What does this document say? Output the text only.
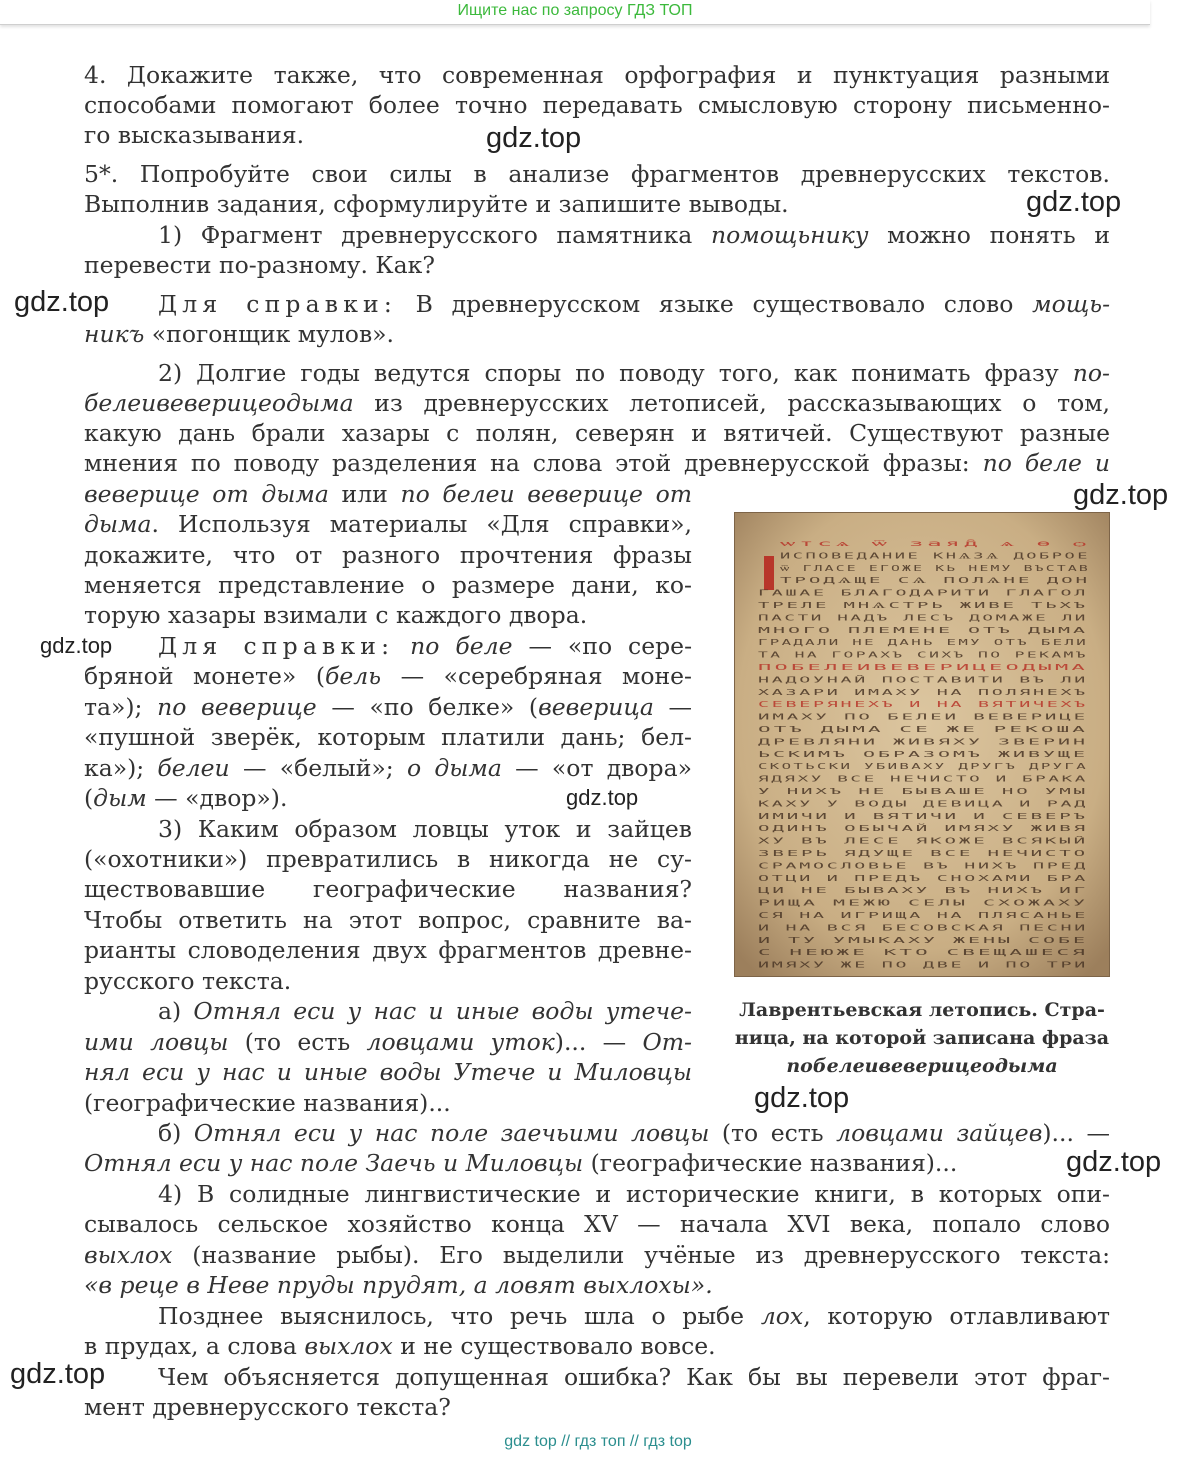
Ищите нас по запросу ГДЗ ТОП
4. Докажите также, что современная орфография и пунктуация разными
способами помогают более точно передавать смысловую сторону письменно-
го высказывания.
5*. Попробуйте свои силы в анализе фрагментов древнерусских текстов.
Выполнив задания, сформулируйте и запишите выводы.
1) Фрагмент древнерусского памятника помощьнику можно понять и
перевести по-разному. Как?
Для справки: В древнерусском языке существовало слово мощь-
никъ «погонщик мулов».
2) Долгие годы ведутся споры по поводу того, как понимать фразу по-
белеивеверицеодыма из древнерусских летописей, рассказывающих о том,
какую дань брали хазары с полян, северян и вятичей. Существуют разные
мнения по поводу разделения на слова этой древнерусской фразы: по беле и
веверице от дыма или по белеи веверице от
дыма. Используя материалы «Для справки»,
докажите, что от разного прочтения фразы
меняется представление о размере дани, ко-
торую хазары взимали с каждого двора.
Для справки: по беле — «по сере-
бряной монете» (бель — «серебряная моне-
та»); по веверице — «по белке» (веверица —
«пушной зверёк, которым платили дань; бел-
ка»); белеи — «белый»; о дыма — «от двора»
(дым — «двор»).
3) Каким образом ловцы уток и зайцев
(«охотники») превратились в никогда не су-
ществовавшие географические названия?
Чтобы ответить на этот вопрос, сравните ва-
рианты словоделения двух фрагментов древне-
русского текста.
а) Отнял еси у нас и иные воды утече-
ими ловцы (то есть ловцами уток)... — От-
нял еси у нас и иные воды Утече и Миловцы
(географические названия)...
б) Отнял еси у нас поле заечьими ловцы (то есть ловцами зайцев)... —
Отнял еси у нас поле Заечь и Миловцы (географические названия)...
4) В солидные лингвистические и исторические книги, в которых опи-
сывалось сельское хозяйство конца XV — начала XVI века, попало слово
выхлох (название рыбы). Его выделили учёные из древнерусского текста:
«в реце в Неве пруды прудят, а ловят выхлохы».
Позднее выяснилось, что речь шла о рыбе лох, которую отлавливают
в прудах, а слова выхлох и не существовало вовсе.
Чем объясняется допущенная ошибка? Как бы вы перевели этот фраг-
мент древнерусского текста?
ѡтсѧ ѿ заяд̑ ѧ ѳ ѻ
ИСПОВЕДАНИЕ КНѦЗѦ ДОБРОЕ
ѿ ГЛАСЕ ЕГОЖЕ КЬ НЕМУ ВЪСТАВ
ТРОДѦЩЕ СѦ ПОЛѦНЕ ДОН
ГАШАЕ БЛАГОДАРИТИ ГЛАГОЛ
ТРЕЛЕ МНѦСТРЬ ЖИВЕ ТЬХЪ
ПАСТИ НАДЪ ЛЕСЪ ДОМАЖЕ ЛИ
МНОГО ПЛЕМЕНЕ ОТЪ ДЫМА
ГРАДАЛИ НЕ ДАНЬ ЕМУ ОТЪ БЕЛИ
ТА НА ГОРАХЪ СИХЪ ПО РЕКАМЪ
ПОБЕЛЕИВЕВЕРИЦЕОДЫМА
НАДОУНАЙ ПОСТАВИТИ ВЪ ЛИ
ХАЗАРИ ИМАХУ НА ПОЛЯНЕХЪ
СЕВЕРЯНЕХЪ И НА ВЯТИЧЕХЪ
ИМАХУ ПО БЕЛЕИ ВЕВЕРИЦЕ
ОТЪ ДЫМА СЕ ЖЕ РЕКОША
ДРЕВЛЯНИ ЖИВЯХУ ЗВЕРИН
ЬСКИМЪ ОБРАЗОМЪ ЖИВУЩЕ
СКОТЬСКИ УБИВАХУ ДРУГЪ ДРУГА
ЯДЯХУ ВСЕ НЕЧИСТО И БРАКА
У НИХЪ НЕ БЫВАШЕ НО УМЫ
КАХУ У ВОДЫ ДЕВИЦА И РАД
ИМИЧИ И ВЯТИЧИ И СЕВЕРЪ
ОДИНЪ ОБЫЧАЙ ИМЯХУ ЖИВЯ
ХУ ВЪ ЛЕСЕ ЯКОЖЕ ВСЯКЫЙ
ЗВЕРЬ ЯДУЩЕ ВСЕ НЕЧИСТО
СРАМОСЛОВЬЕ ВЪ НИХЪ ПРЕД
ОТЦИ И ПРЕДЪ СНОХАМИ БРА
ЦИ НЕ БЫВАХУ ВЪ НИХЪ ИГ
РИЩА МЕЖЮ СЕЛЫ СХОЖАХУ
СЯ НА ИГРИЩА НА ПЛЯСАНЬЕ
И НА ВСЯ БЕСОВСКАЯ ПЕСНИ
И ТУ УМЫКАХУ ЖЕНЫ СОБЕ
С НЕЮЖЕ КТО СВЕЩАШЕСЯ
ИМЯХУ ЖЕ ПО ДВЕ И ПО ТРИ
Лаврентьевская летопись. Стра-
ница, на которой записана фраза
побелеивеверицеодыма
gdz.top
gdz.top
gdz.top
gdz.top
gdz.top
gdz.top
gdz.top
gdz.top
gdz.top
gdz top // гдз топ // гдз top
